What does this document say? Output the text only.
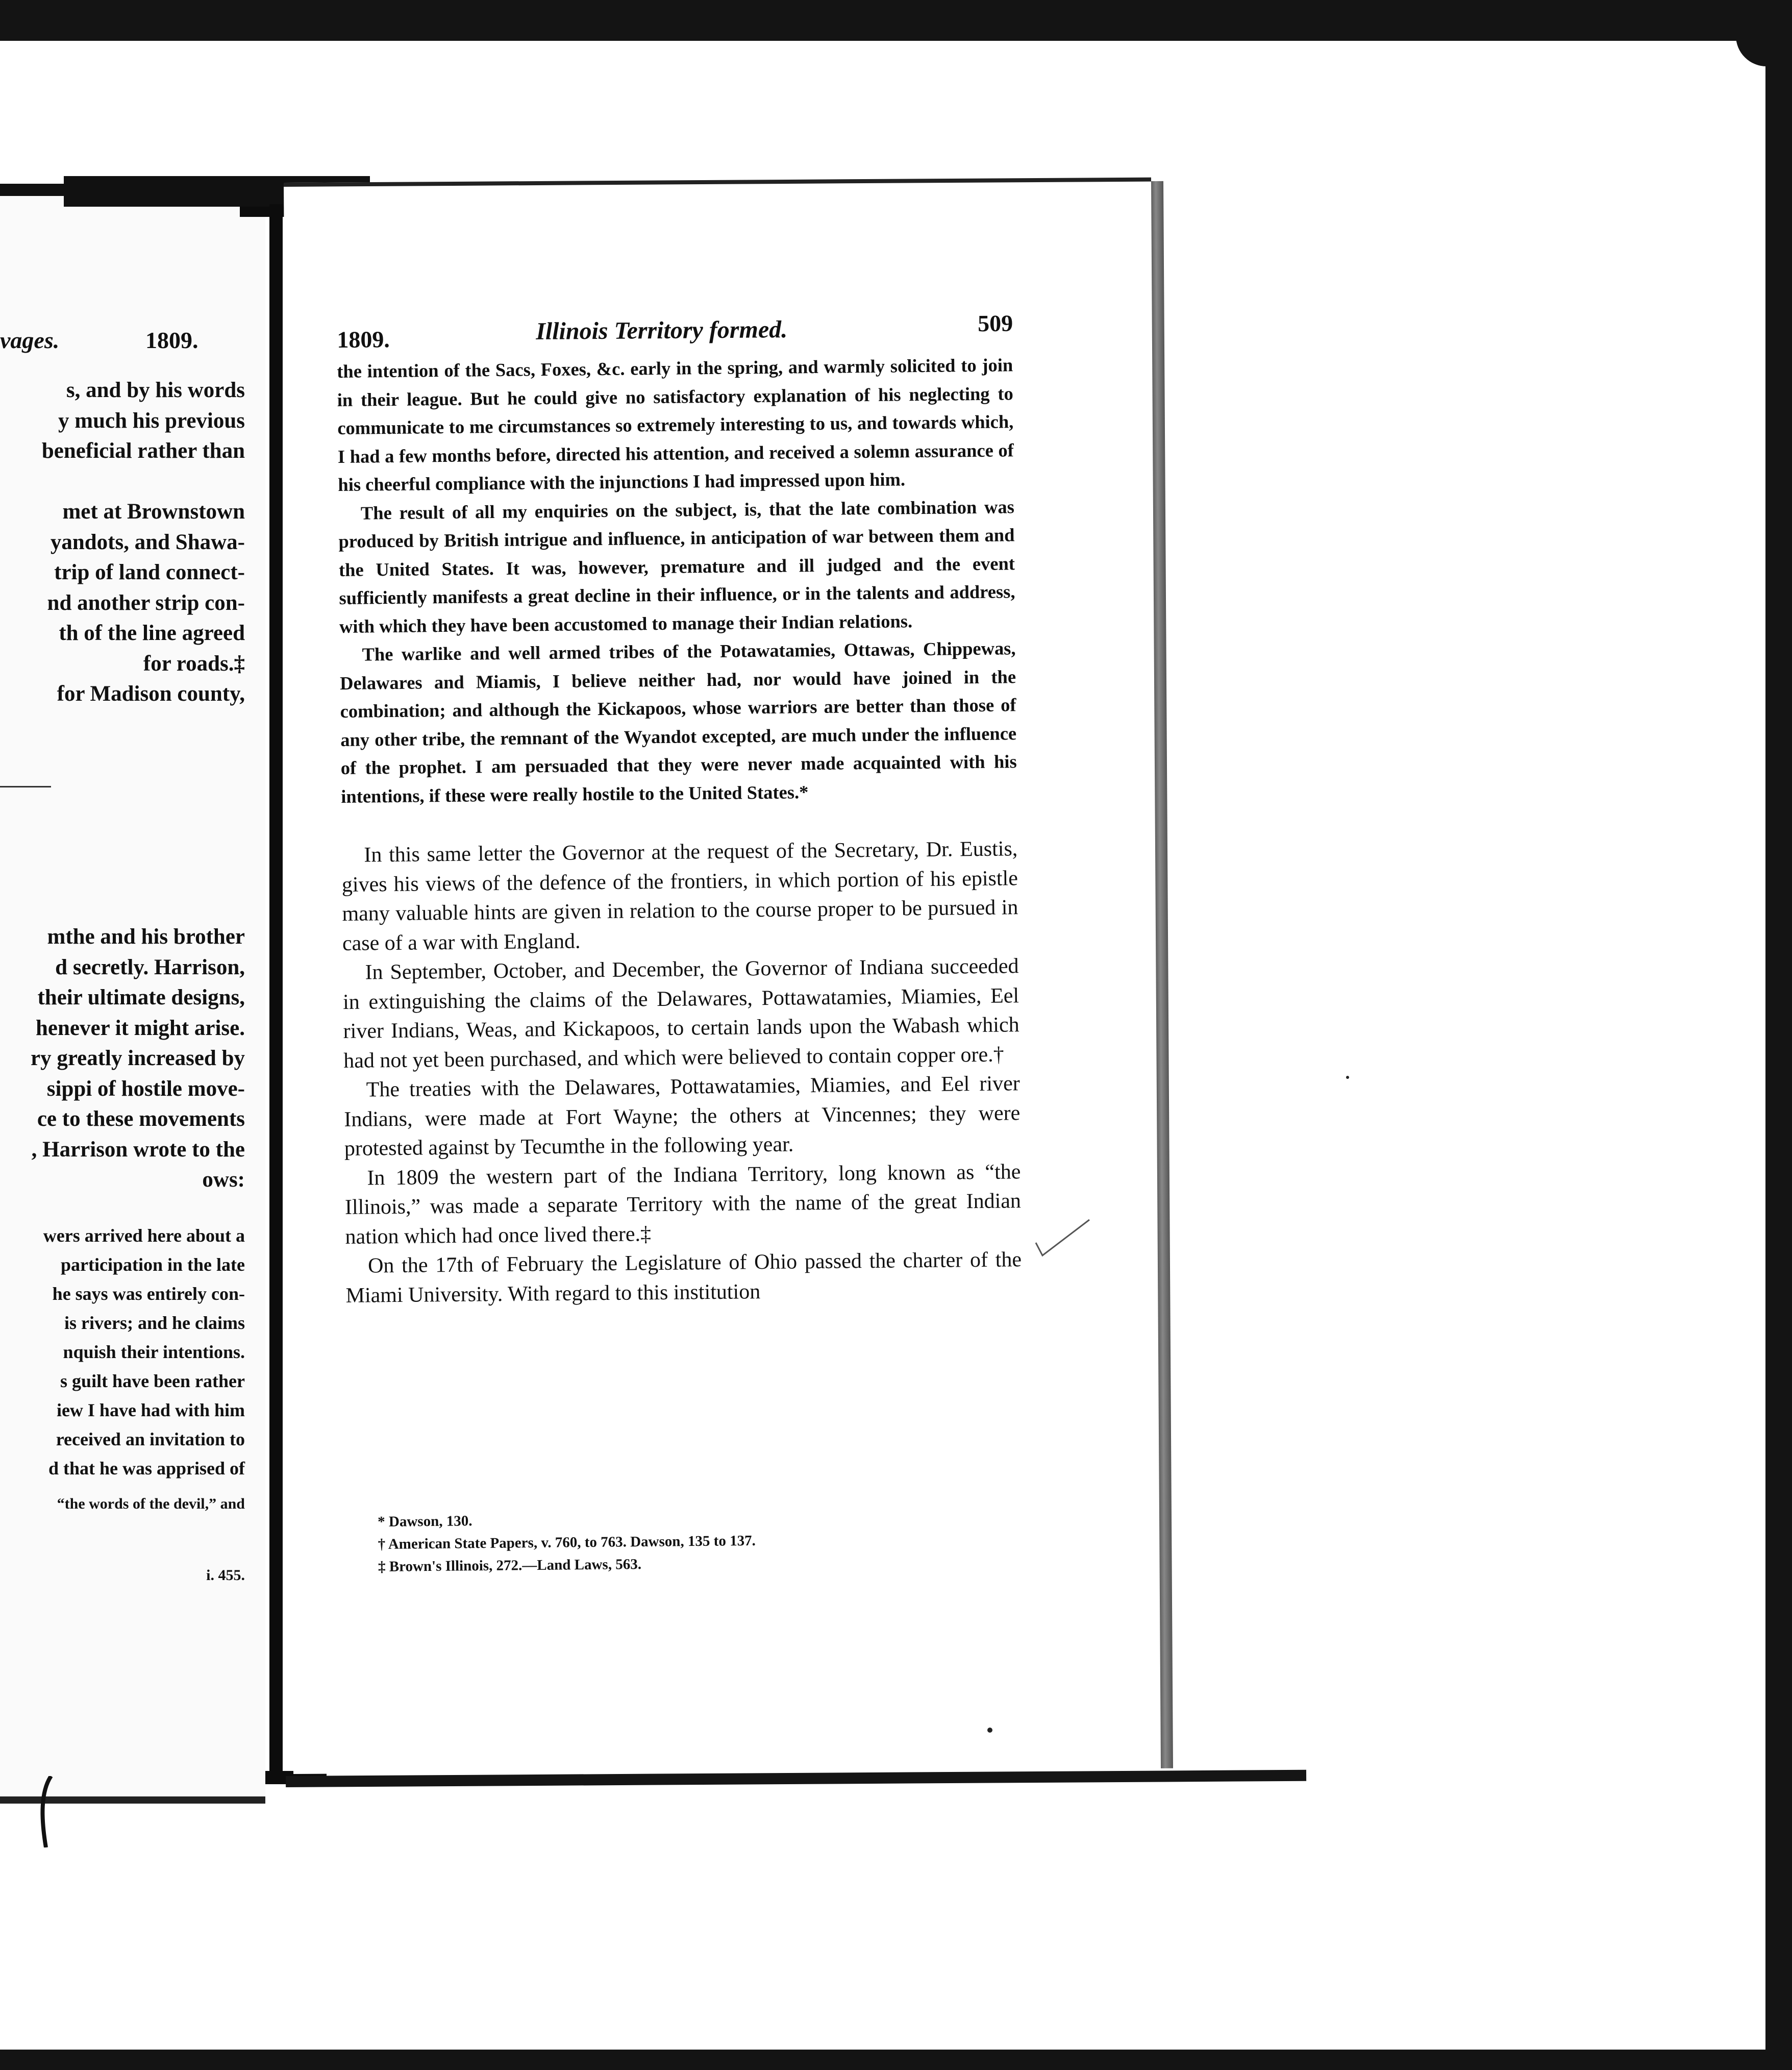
vages.	1809.
s, and by his words
y much his previous
beneficial rather than
met at Brownstown
yandots, and Shawa-
trip of land connect-
nd another strip con-
th of the line agreed
for roads.‡
for Madison county,
mthe and his brother
d secretly. Harrison,
their ultimate designs,
henever it might arise.
ry greatly increased by
sippi of hostile move-
ce to these movements
, Harrison wrote to the
ows:
wers arrived here about a
participation in the late
he says was entirely con-
is rivers; and he claims
nquish their intentions.
s guilt have been rather
iew I have had with him
received an invitation to
d that he was apprised of
“the words of the devil,” and
i. 455.
1809.	Illinois Territory formed.	509

the intention of the Sacs, Foxes, &c. early in the spring, and warmly solicited to join in their league. But he could give no satisfactory explanation of his neglecting to communicate to me circumstances so extremely interesting to us, and towards which, I had a few months before, directed his attention, and received a solemn assurance of his cheerful compliance with the injunctions I had impressed upon him.

The result of all my enquiries on the subject, is, that the late combination was produced by British intrigue and influence, in anticipation of war between them and the United States. It was, however, premature and ill judged and the event sufficiently manifests a great decline in their influence, or in the talents and address, with which they have been accustomed to manage their Indian relations.

The warlike and well armed tribes of the Potawatamies, Ottawas, Chippewas, Delawares and Miamis, I believe neither had, nor would have joined in the combination; and although the Kickapoos, whose warriors are better than those of any other tribe, the remnant of the Wyandot excepted, are much under the influence of the prophet. I am persuaded that they were never made acquainted with his intentions, if these were really hostile to the United States.*

In this same letter the Governor at the request of the Secretary, Dr. Eustis, gives his views of the defence of the frontiers, in which portion of his epistle many valuable hints are given in relation to the course proper to be pursued in case of a war with England.

In September, October, and December, the Governor of Indiana succeeded in extinguishing the claims of the Delawares, Pottawatamies, Miamies, Eel river Indians, Weas, and Kickapoos, to certain lands upon the Wabash which had not yet been purchased, and which were believed to contain copper ore.†

The treaties with the Delawares, Pottawatamies, Miamies, and Eel river Indians, were made at Fort Wayne; the others at Vincennes; they were protested against by Tecumthe in the following year.

In 1809 the western part of the Indiana Territory, long known as “the Illinois,” was made a separate Territory with the name of the great Indian nation which had once lived there.‡

On the 17th of February the Legislature of Ohio passed the charter of the Miami University. With regard to this institution

* Dawson, 130.
† American State Papers, v. 760, to 763. Dawson, 135 to 137.
‡ Brown's Illinois, 272.—Land Laws, 563.
